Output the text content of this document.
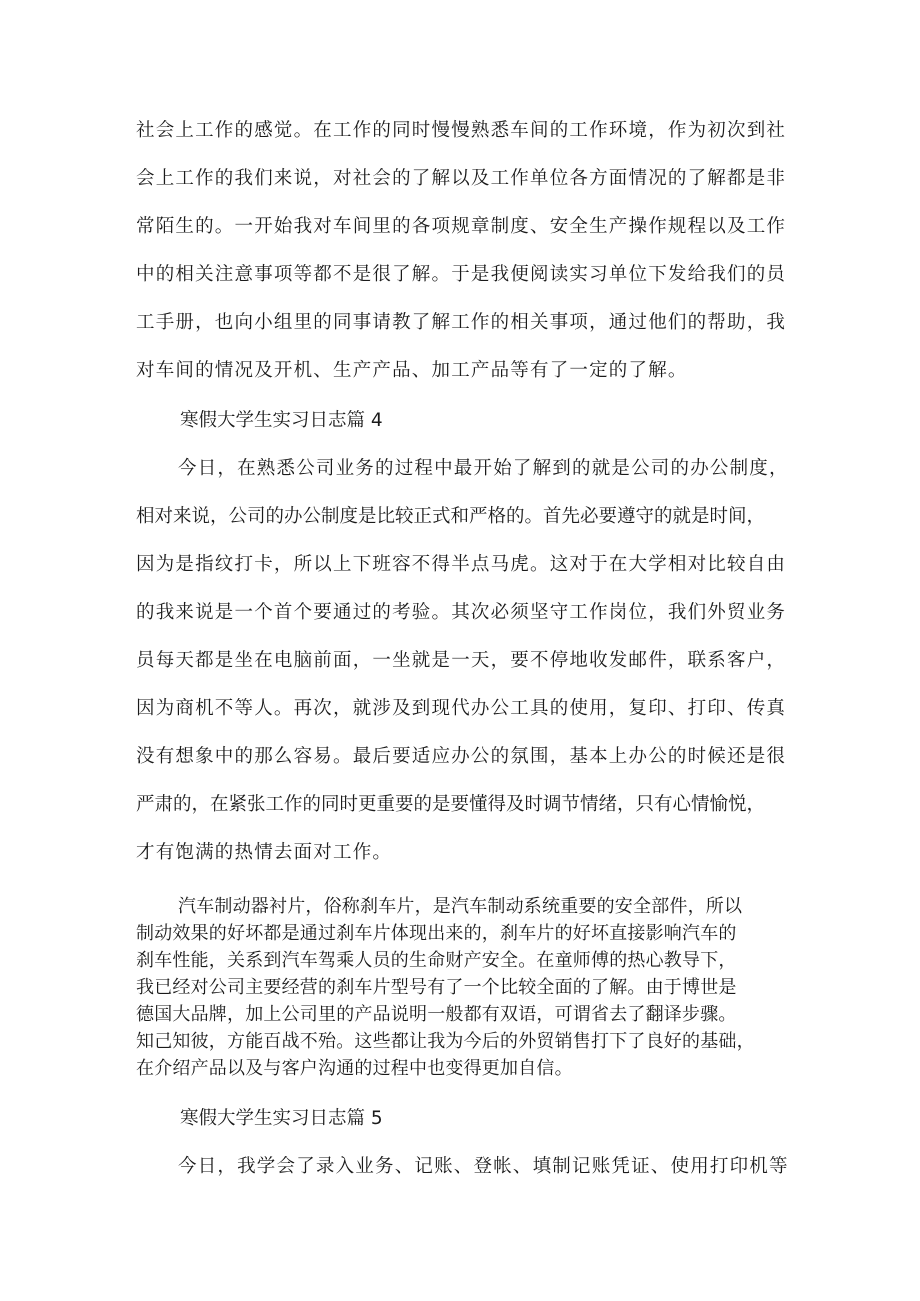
社会上工作的感觉。在工作的同时慢慢熟悉车间的工作环境，作为初次到社
会上工作的我们来说，对社会的了解以及工作单位各方面情况的了解都是非
常陌生的。一开始我对车间里的各项规章制度、安全生产操作规程以及工作
中的相关注意事项等都不是很了解。于是我便阅读实习单位下发给我们的员
工手册，也向小组里的同事请教了解工作的相关事项，通过他们的帮助，我
对车间的情况及开机、生产产品、加工产品等有了一定的了解。
寒假大学生实习日志篇 4
今日，在熟悉公司业务的过程中最开始了解到的就是公司的办公制度，
相对来说，公司的办公制度是比较正式和严格的。首先必要遵守的就是时间，
因为是指纹打卡，所以上下班容不得半点马虎。这对于在大学相对比较自由
的我来说是一个首个要通过的考验。其次必须坚守工作岗位，我们外贸业务
员每天都是坐在电脑前面，一坐就是一天，要不停地收发邮件，联系客户，
因为商机不等人。再次，就涉及到现代办公工具的使用，复印、打印、传真
没有想象中的那么容易。最后要适应办公的氛围，基本上办公的时候还是很
严肃的，在紧张工作的同时更重要的是要懂得及时调节情绪，只有心情愉悦，
才有饱满的热情去面对工作。
汽车制动器衬片，俗称刹车片，是汽车制动系统重要的安全部件，所以
制动效果的好坏都是通过刹车片体现出来的，刹车片的好坏直接影响汽车的
刹车性能，关系到汽车驾乘人员的生命财产安全。在童师傅的热心教导下，
我已经对公司主要经营的刹车片型号有了一个比较全面的了解。由于博世是
德国大品牌，加上公司里的产品说明一般都有双语，可谓省去了翻译步骤。
知己知彼，方能百战不殆。这些都让我为今后的外贸销售打下了良好的基础，
在介绍产品以及与客户沟通的过程中也变得更加自信。
寒假大学生实习日志篇 5
今日，我学会了录入业务、记账、登帐、填制记账凭证、使用打印机等
